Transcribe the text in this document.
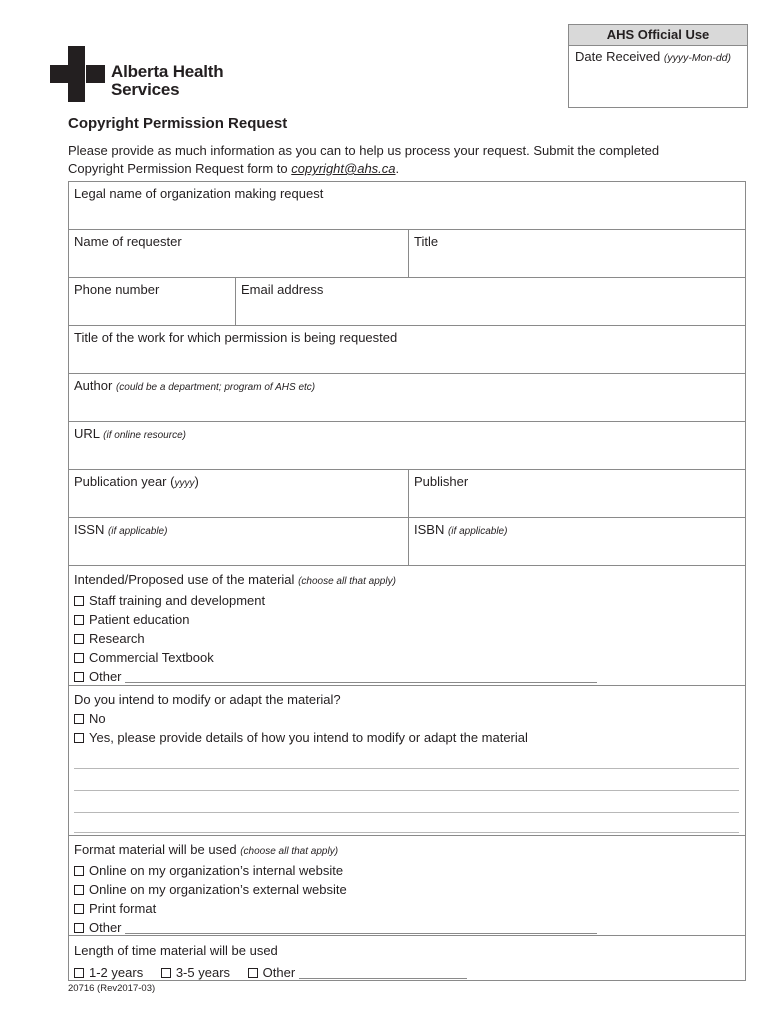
Alberta Health
Services
AHS Official Use
Date Received (yyyy-Mon-dd)
Copyright Permission Request
Please provide as much information as you can to help us process your request. Submit the completed
Copyright Permission Request form to copyright@ahs.ca.
Legal name of organization making request
Name of requester	Title
Phone number	Email address
Title of the work for which permission is being requested
Author (could be a department; program of AHS etc)
URL (if online resource)
Publication year (yyyy)	Publisher
ISSN (if applicable)	ISBN (if applicable)
Intended/Proposed use of the material (choose all that apply)
Staff training and development
Patient education
Research
Commercial Textbook
Other
Do you intend to modify or adapt the material?
No
Yes, please provide details of how you intend to modify or adapt the material
Format material will be used (choose all that apply)
Online on my organization’s internal website
Online on my organization’s external website
Print format
Other
Length of time material will be used
1-2 years	3-5 years	Other
20716 (Rev2017-03)
